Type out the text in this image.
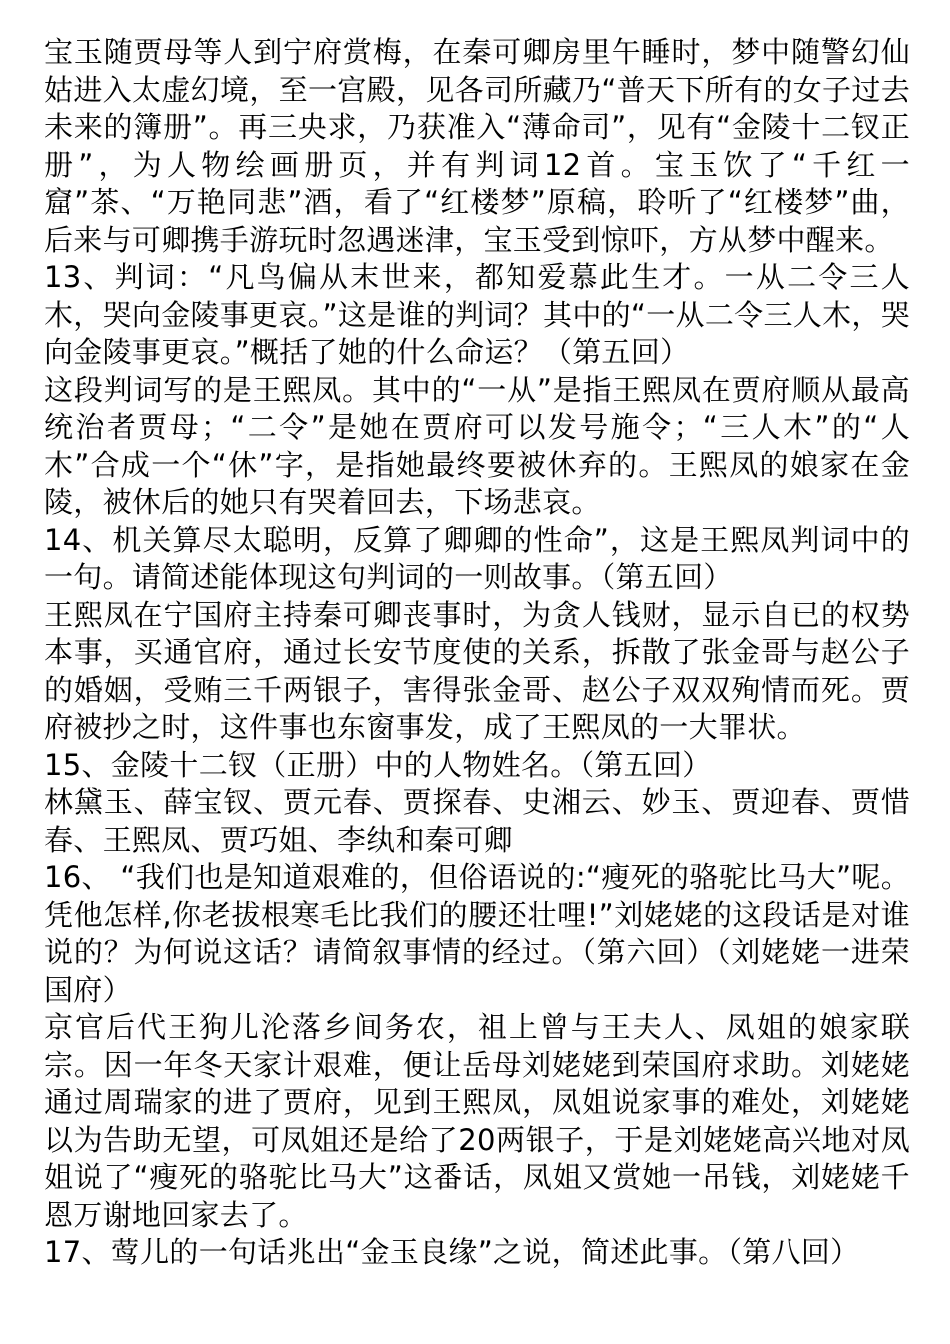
宝玉随贾母等人到宁府赏梅，在秦可卿房里午睡时，梦中随警幻仙姑进入太虚幻境，至一宫殿，见各司所藏乃“普天下所有的女子过去未来的簿册”。再三央求，乃获准入“薄命司”，见有“金陵十二钗正册”，为人物绘画册页，并有判词12首。宝玉饮了“千红一窟”茶、“万艳同悲”酒，看了“红楼梦”原稿，聆听了“红楼梦”曲，后来与可卿携手游玩时忽遇迷津，宝玉受到惊吓，方从梦中醒来。

13、判词：“凡鸟偏从末世来，都知爱慕此生才。一从二令三人木，哭向金陵事更哀。”这是谁的判词？其中的“一从二令三人木，哭向金陵事更哀。”概括了她的什么命运？（第五回）

这段判词写的是王熙凤。其中的“一从”是指王熙凤在贾府顺从最高统治者贾母；“二令”是她在贾府可以发号施令；“三人木”的“人木”合成一个“休”字，是指她最终要被休弃的。王熙凤的娘家在金陵，被休后的她只有哭着回去，下场悲哀。

14、机关算尽太聪明，反算了卿卿的性命”，这是王熙凤判词中的一句。请简述能体现这句判词的一则故事。（第五回）

王熙凤在宁国府主持秦可卿丧事时，为贪人钱财，显示自已的权势本事，买通官府，通过长安节度使的关系，拆散了张金哥与赵公子的婚姻，受贿三千两银子，害得张金哥、赵公子双双殉情而死。贾府被抄之时，这件事也东窗事发，成了王熙凤的一大罪状。

15、金陵十二钗（正册）中的人物姓名。（第五回）

林黛玉、薛宝钗、贾元春、贾探春、史湘云、妙玉、贾迎春、贾惜春、王熙凤、贾巧姐、李纨和秦可卿

16、 “我们也是知道艰难的，但俗语说的:“瘦死的骆驼比马大”呢。凭他怎样,你老拔根寒毛比我们的腰还壮哩!”刘姥姥的这段话是对谁说的？为何说这话？请简叙事情的经过。（第六回）（刘姥姥一进荣国府）

京官后代王狗儿沦落乡间务农，祖上曾与王夫人、凤姐的娘家联宗。因一年冬天家计艰难，便让岳母刘姥姥到荣国府求助。刘姥姥通过周瑞家的进了贾府，见到王熙凤，凤姐说家事的难处，刘姥姥以为告助无望，可凤姐还是给了20两银子，于是刘姥姥高兴地对凤姐说了“瘦死的骆驼比马大”这番话，凤姐又赏她一吊钱，刘姥姥千恩万谢地回家去了。

17、莺儿的一句话兆出“金玉良缘”之说，简述此事。（第八回）
